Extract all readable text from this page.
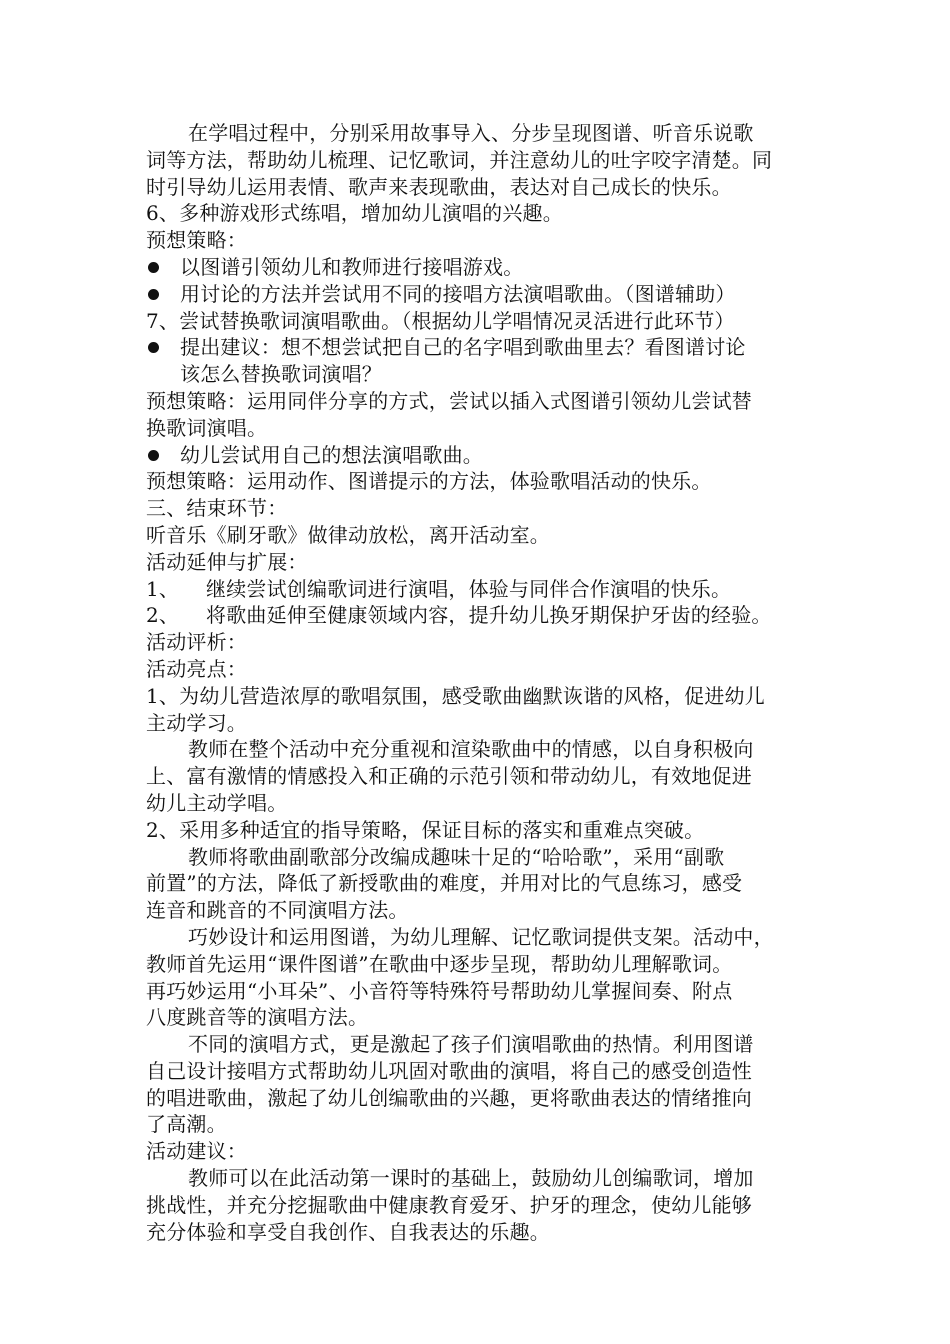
在学唱过程中，分别采用故事导入、分步呈现图谱、听音乐说歌
词等方法，帮助幼儿梳理、记忆歌词，并注意幼儿的吐字咬字清楚。同
时引导幼儿运用表情、歌声来表现歌曲，表达对自己成长的快乐。
6、多种游戏形式练唱，增加幼儿演唱的兴趣。
预想策略：
以图谱引领幼儿和教师进行接唱游戏。
用讨论的方法并尝试用不同的接唱方法演唱歌曲。（图谱辅助）
7、尝试替换歌词演唱歌曲。（根据幼儿学唱情况灵活进行此环节）
提出建议：想不想尝试把自己的名字唱到歌曲里去？看图谱讨论
该怎么替换歌词演唱？
预想策略：运用同伴分享的方式，尝试以插入式图谱引领幼儿尝试替
换歌词演唱。
幼儿尝试用自己的想法演唱歌曲。
预想策略：运用动作、图谱提示的方法，体验歌唱活动的快乐。
三、结束环节：
听音乐《刷牙歌》做律动放松，离开活动室。
活动延伸与扩展：
1、 继续尝试创编歌词进行演唱，体验与同伴合作演唱的快乐。
2、 将歌曲延伸至健康领域内容，提升幼儿换牙期保护牙齿的经验。
活动评析：
活动亮点：
1、为幼儿营造浓厚的歌唱氛围，感受歌曲幽默诙谐的风格，促进幼儿
主动学习。
教师在整个活动中充分重视和渲染歌曲中的情感，以自身积极向
上、富有激情的情感投入和正确的示范引领和带动幼儿，有效地促进
幼儿主动学唱。
2、采用多种适宜的指导策略，保证目标的落实和重难点突破。
教师将歌曲副歌部分改编成趣味十足的“哈哈歌”，采用“副歌
前置”的方法，降低了新授歌曲的难度，并用对比的气息练习，感受
连音和跳音的不同演唱方法。
巧妙设计和运用图谱，为幼儿理解、记忆歌词提供支架。活动中，
教师首先运用“课件图谱”在歌曲中逐步呈现，帮助幼儿理解歌词。
再巧妙运用“小耳朵”、小音符等特殊符号帮助幼儿掌握间奏、附点
八度跳音等的演唱方法。
不同的演唱方式，更是激起了孩子们演唱歌曲的热情。利用图谱
自己设计接唱方式帮助幼儿巩固对歌曲的演唱，将自己的感受创造性
的唱进歌曲，激起了幼儿创编歌曲的兴趣，更将歌曲表达的情绪推向
了高潮。
活动建议：
教师可以在此活动第一课时的基础上，鼓励幼儿创编歌词，增加
挑战性，并充分挖掘歌曲中健康教育爱牙、护牙的理念，使幼儿能够
充分体验和享受自我创作、自我表达的乐趣。
